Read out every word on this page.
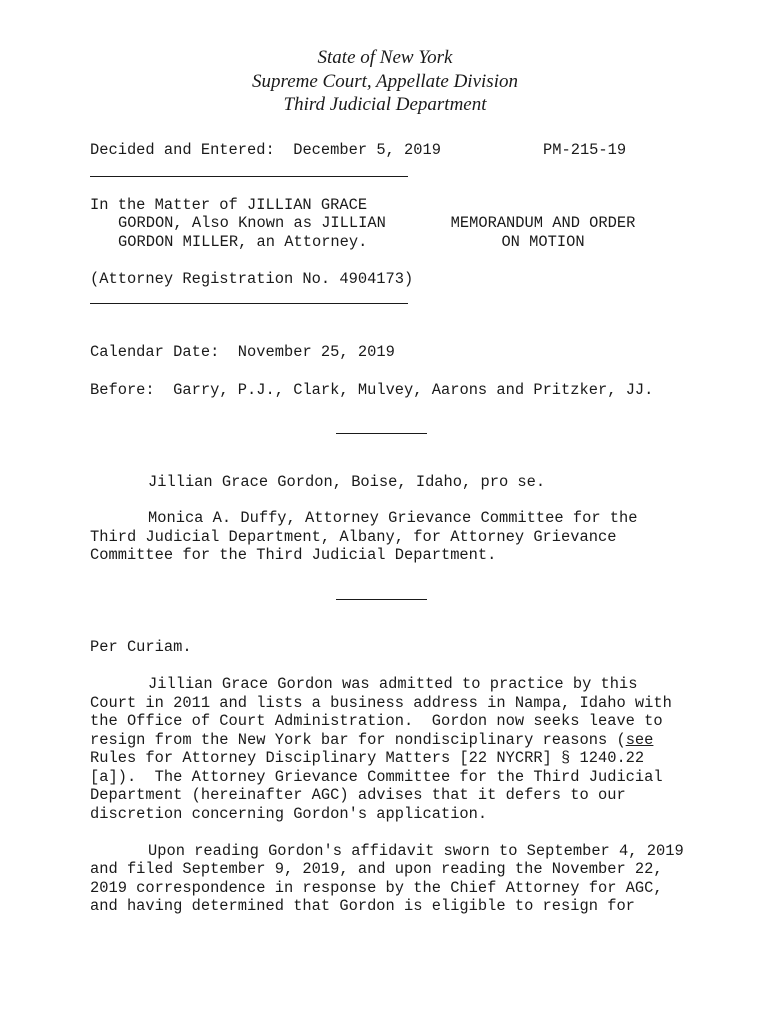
State of New York
Supreme Court, Appellate Division
Third Judicial Department
Decided and Entered: December 5, 2019	PM-215-19
In the Matter of JILLIAN GRACE
GORDON, Also Known as JILLIAN
GORDON MILLER, an Attorney.
MEMORANDUM AND ORDER
ON MOTION
(Attorney Registration No. 4904173)
Calendar Date: November 25, 2019
Before: Garry, P.J., Clark, Mulvey, Aarons and Pritzker, JJ.
Jillian Grace Gordon, Boise, Idaho, pro se.
Monica A. Duffy, Attorney Grievance Committee for the
Third Judicial Department, Albany, for Attorney Grievance
Committee for the Third Judicial Department.
Per Curiam.
Jillian Grace Gordon was admitted to practice by this
Court in 2011 and lists a business address in Nampa, Idaho with
the Office of Court Administration.  Gordon now seeks leave to
resign from the New York bar for nondisciplinary reasons (see
Rules for Attorney Disciplinary Matters [22 NYCRR] § 1240.22
[a]).  The Attorney Grievance Committee for the Third Judicial
Department (hereinafter AGC) advises that it defers to our
discretion concerning Gordon's application.
Upon reading Gordon's affidavit sworn to September 4, 2019
and filed September 9, 2019, and upon reading the November 22,
2019 correspondence in response by the Chief Attorney for AGC,
and having determined that Gordon is eligible to resign for
